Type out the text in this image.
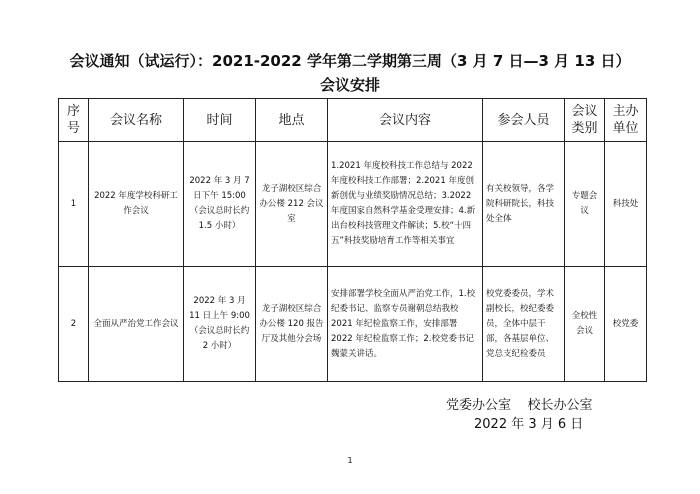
会议通知（试运行）：2021-2022 学年第二学期第三周（3 月 7 日—3 月 13 日）
会议安排
序号	会议名称	时间	地点	会议内容	参会人员	会议类别	主办单位
1	2022 年度学校科研工作会议	2022 年 3 月 7 日下午 15:00（会议总时长约 1.5 小时）	龙子湖校区综合办公楼 212 会议室	1.2021 年度校科技工作总结与 2022 年度校科技工作部署；2.2021 年度创新创优与业绩奖励情况总结；3.2022 年度国家自然科学基金受理安排；4.新出台校科技管理文件解读；5.校“十四五”科技奖励培育工作等相关事宜	有关校领导，各学院科研院长，科技处全体	专题会议	科技处
2	全面从严治党工作会议	2022 年 3 月 11 日上午 9:00（会议总时长约 2 小时）	龙子湖校区综合办公楼 120 报告厅及其他分会场	安排部署学校全面从严治党工作，1.校纪委书记、监察专员谢朝总结我校 2021 年纪检监察工作，安排部署 2022 年纪检监察工作；2.校党委书记魏蒙关讲话。	校党委委员，学术副校长，校纪委委员，全体中层干部，各基层单位、党总支纪检委员	全校性会议	校党委
党委办公室    校长办公室
2022 年 3 月 6 日
1
